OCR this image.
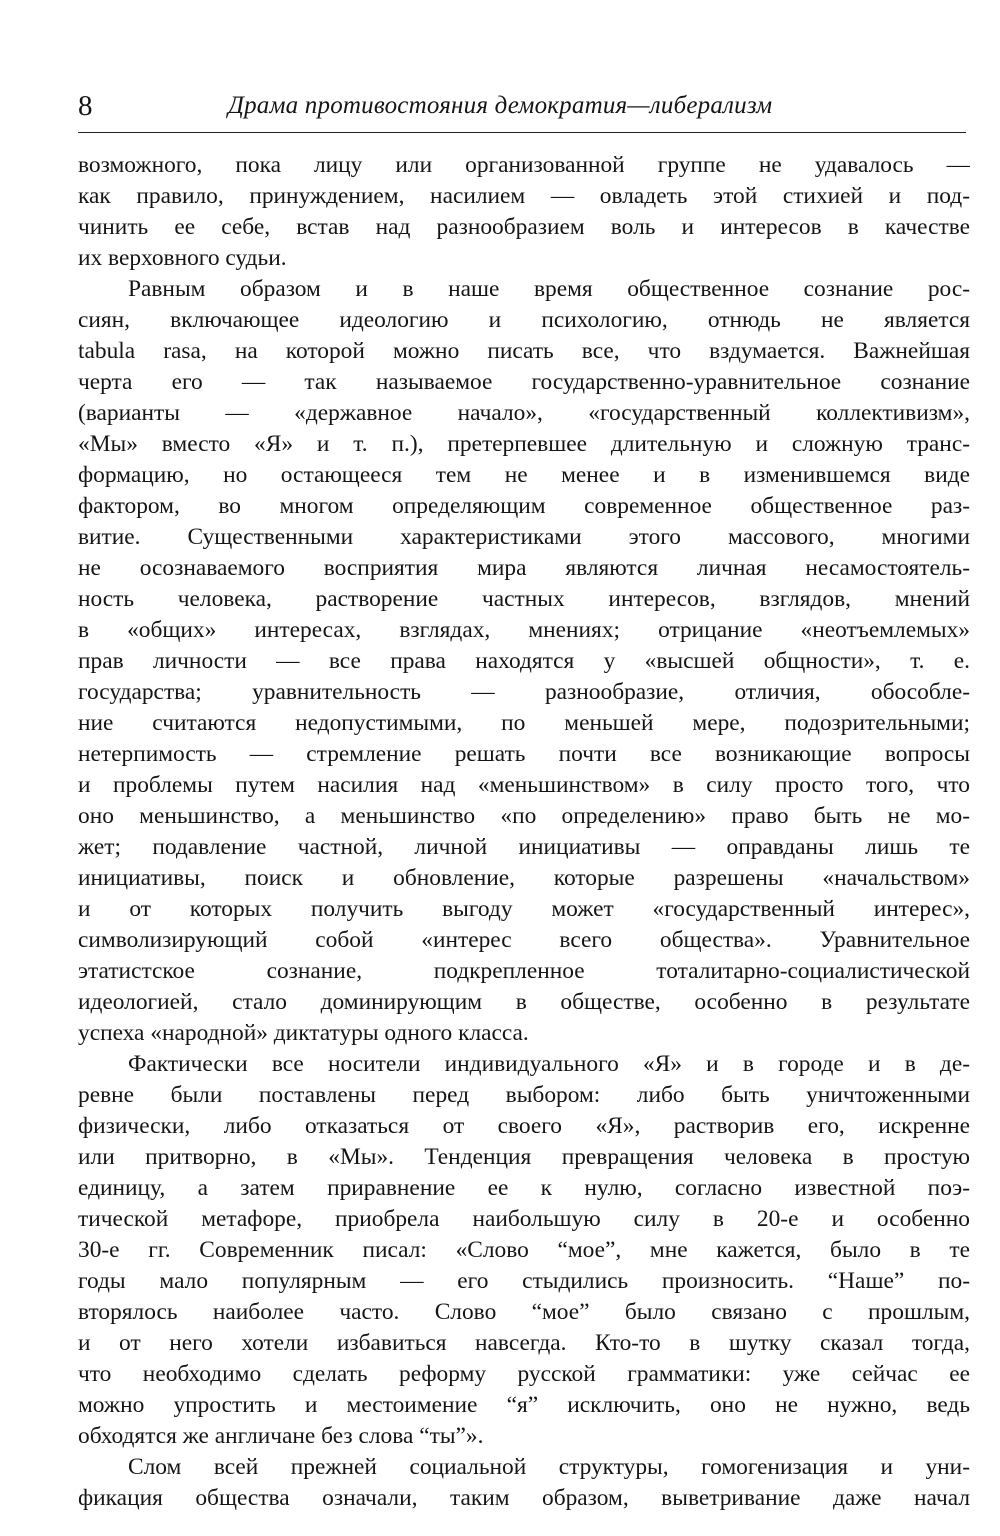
8	Драма противостояния демократия—либерализм
возможного, пока лицу или организованной группе не удавалось —
как правило, принуждением, насилием — овладеть этой стихией и под-
чинить ее себе, встав над разнообразием воль и интересов в качестве
их верховного судьи.
Равным образом и в наше время общественное сознание рос-
сиян, включающее идеологию и психологию, отнюдь не является
tabula rasa, на которой можно писать все, что вздумается. Важнейшая
черта его — так называемое государственно-уравнительное сознание
(варианты — «державное начало», «государственный коллективизм»,
«Мы» вместо «Я» и т. п.), претерпевшее длительную и сложную транс-
формацию, но остающееся тем не менее и в изменившемся виде
фактором, во многом определяющим современное общественное раз-
витие. Существенными характеристиками этого массового, многими
не осознаваемого восприятия мира являются личная несамостоятель-
ность человека, растворение частных интересов, взглядов, мнений
в «общих» интересах, взглядах, мнениях; отрицание «неотъемлемых»
прав личности — все права находятся у «высшей общности», т. е.
государства; уравнительность — разнообразие, отличия, обособле-
ние считаются недопустимыми, по меньшей мере, подозрительными;
нетерпимость — стремление решать почти все возникающие вопросы
и проблемы путем насилия над «меньшинством» в силу просто того, что
оно меньшинство, а меньшинство «по определению» право быть не мо-
жет; подавление частной, личной инициативы — оправданы лишь те
инициативы, поиск и обновление, которые разрешены «начальством»
и от которых получить выгоду может «государственный интерес»,
символизирующий собой «интерес всего общества». Уравнительное
этатистское сознание, подкрепленное тоталитарно-социалистической
идеологией, стало доминирующим в обществе, особенно в результате
успеха «народной» диктатуры одного класса.
Фактически все носители индивидуального «Я» и в городе и в де-
ревне были поставлены перед выбором: либо быть уничтоженными
физически, либо отказаться от своего «Я», растворив его, искренне
или притворно, в «Мы». Тенденция превращения человека в простую
единицу, а затем приравнение ее к нулю, согласно известной поэ-
тической метафоре, приобрела наибольшую силу в 20-е и особенно
30-е гг. Современник писал: «Слово “мое”, мне кажется, было в те
годы мало популярным — его стыдились произносить. “Наше” по-
вторялось наиболее часто. Слово “мое” было связано с прошлым,
и от него хотели избавиться навсегда. Кто-то в шутку сказал тогда,
что необходимо сделать реформу русской грамматики: уже сейчас ее
можно упростить и местоимение “я” исключить, оно не нужно, ведь
обходятся же англичане без слова “ты”».
Слом всей прежней социальной структуры, гомогенизация и уни-
фикация общества означали, таким образом, выветривание даже начал
